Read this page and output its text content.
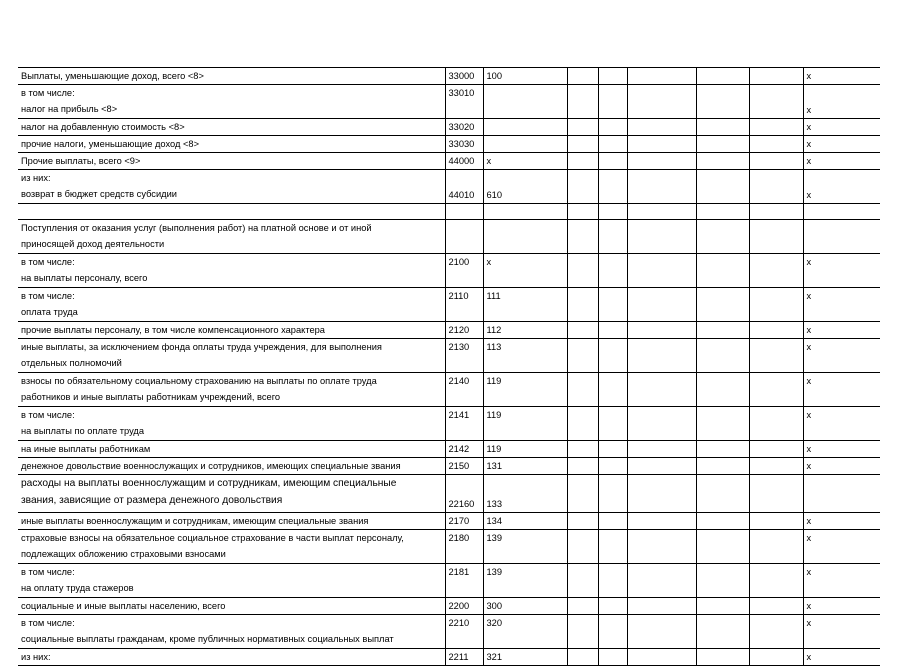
Выплаты, уменьшающие доход, всего <8>	33000	100						x

в том числе:
налог на прибыль <8>	33010							x

налог на добавленную стоимость <8>	33020							x

прочие налоги, уменьшающие доход <8>	33030							x

Прочие выплаты, всего <9>	44000	x						x

из них:
возврат в бюджет средств субсидии	44010	610						x

Поступления от оказания услуг (выполнения работ) на платной основе и от иной
приносящей доход деятельности								

в том числе:
на выплаты персоналу, всего	2100	x						x

в том числе:
оплата труда	2110	111						x

прочие выплаты персоналу, в том числе компенсационного характера	2120	112						x

иные выплаты, за исключением фонда оплаты труда учреждения, для выполнения
отдельных полномочий	2130	113						x

взносы по обязательному социальному страхованию на выплаты по оплате труда
работников и иные выплаты работникам учреждений, всего	2140	119						x

в том числе:
на выплаты по оплате труда	2141	119						x

на иные выплаты работникам	2142	119						x

денежное довольствие военнослужащих и сотрудников, имеющих специальные звания	2150	131						x

расходы на выплаты военнослужащим и сотрудникам, имеющим специальные
звания, зависящие от размера денежного довольствия	22160	133						

иные выплаты военнослужащим и сотрудникам, имеющим специальные звания	2170	134						x

страховые взносы на обязательное социальное страхование в части выплат персоналу,
подлежащих обложению страховыми взносами	2180	139						x

в том числе:
на оплату труда стажеров	2181	139						x

социальные и иные выплаты населению, всего	2200	300						x

в том числе:
социальные выплаты гражданам, кроме публичных нормативных социальных выплат	2210	320						x

из них:	2211	321						x
